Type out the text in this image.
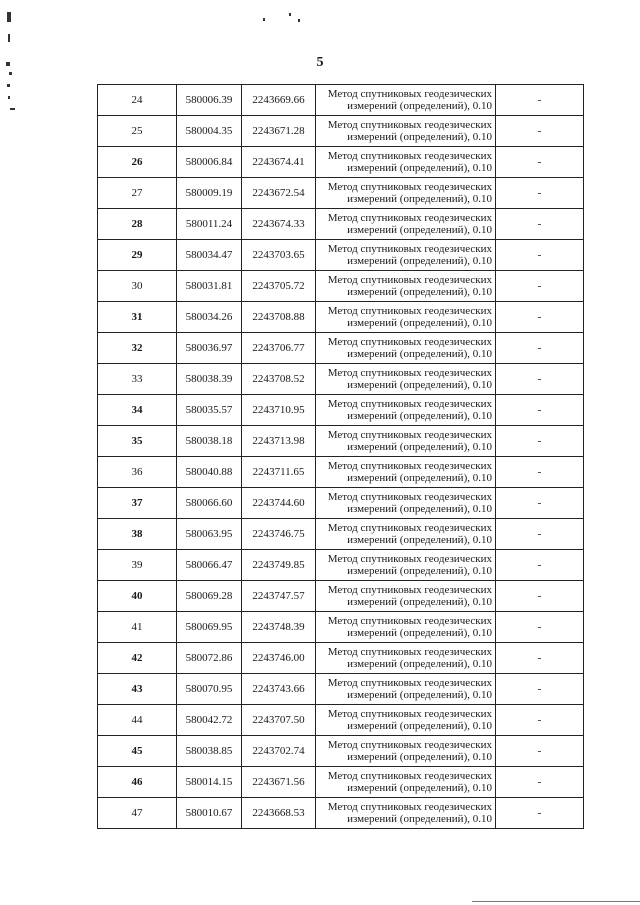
5
24	580006.39	2243669.66	Метод спутниковых геодезических
измерений (определений), 0.10	-
25	580004.35	2243671.28	Метод спутниковых геодезических
измерений (определений), 0.10	-
26	580006.84	2243674.41	Метод спутниковых геодезических
измерений (определений), 0.10	-
27	580009.19	2243672.54	Метод спутниковых геодезических
измерений (определений), 0.10	-
28	580011.24	2243674.33	Метод спутниковых геодезических
измерений (определений), 0.10	-
29	580034.47	2243703.65	Метод спутниковых геодезических
измерений (определений), 0.10	-
30	580031.81	2243705.72	Метод спутниковых геодезических
измерений (определений), 0.10	-
31	580034.26	2243708.88	Метод спутниковых геодезических
измерений (определений), 0.10	-
32	580036.97	2243706.77	Метод спутниковых геодезических
измерений (определений), 0.10	-
33	580038.39	2243708.52	Метод спутниковых геодезических
измерений (определений), 0.10	-
34	580035.57	2243710.95	Метод спутниковых геодезических
измерений (определений), 0.10	-
35	580038.18	2243713.98	Метод спутниковых геодезических
измерений (определений), 0.10	-
36	580040.88	2243711.65	Метод спутниковых геодезических
измерений (определений), 0.10	-
37	580066.60	2243744.60	Метод спутниковых геодезических
измерений (определений), 0.10	-
38	580063.95	2243746.75	Метод спутниковых геодезических
измерений (определений), 0.10	-
39	580066.47	2243749.85	Метод спутниковых геодезических
измерений (определений), 0.10	-
40	580069.28	2243747.57	Метод спутниковых геодезических
измерений (определений), 0.10	-
41	580069.95	2243748.39	Метод спутниковых геодезических
измерений (определений), 0.10	-
42	580072.86	2243746.00	Метод спутниковых геодезических
измерений (определений), 0.10	-
43	580070.95	2243743.66	Метод спутниковых геодезических
измерений (определений), 0.10	-
44	580042.72	2243707.50	Метод спутниковых геодезических
измерений (определений), 0.10	-
45	580038.85	2243702.74	Метод спутниковых геодезических
измерений (определений), 0.10	-
46	580014.15	2243671.56	Метод спутниковых геодезических
измерений (определений), 0.10	-
47	580010.67	2243668.53	Метод спутниковых геодезических
измерений (определений), 0.10	-
